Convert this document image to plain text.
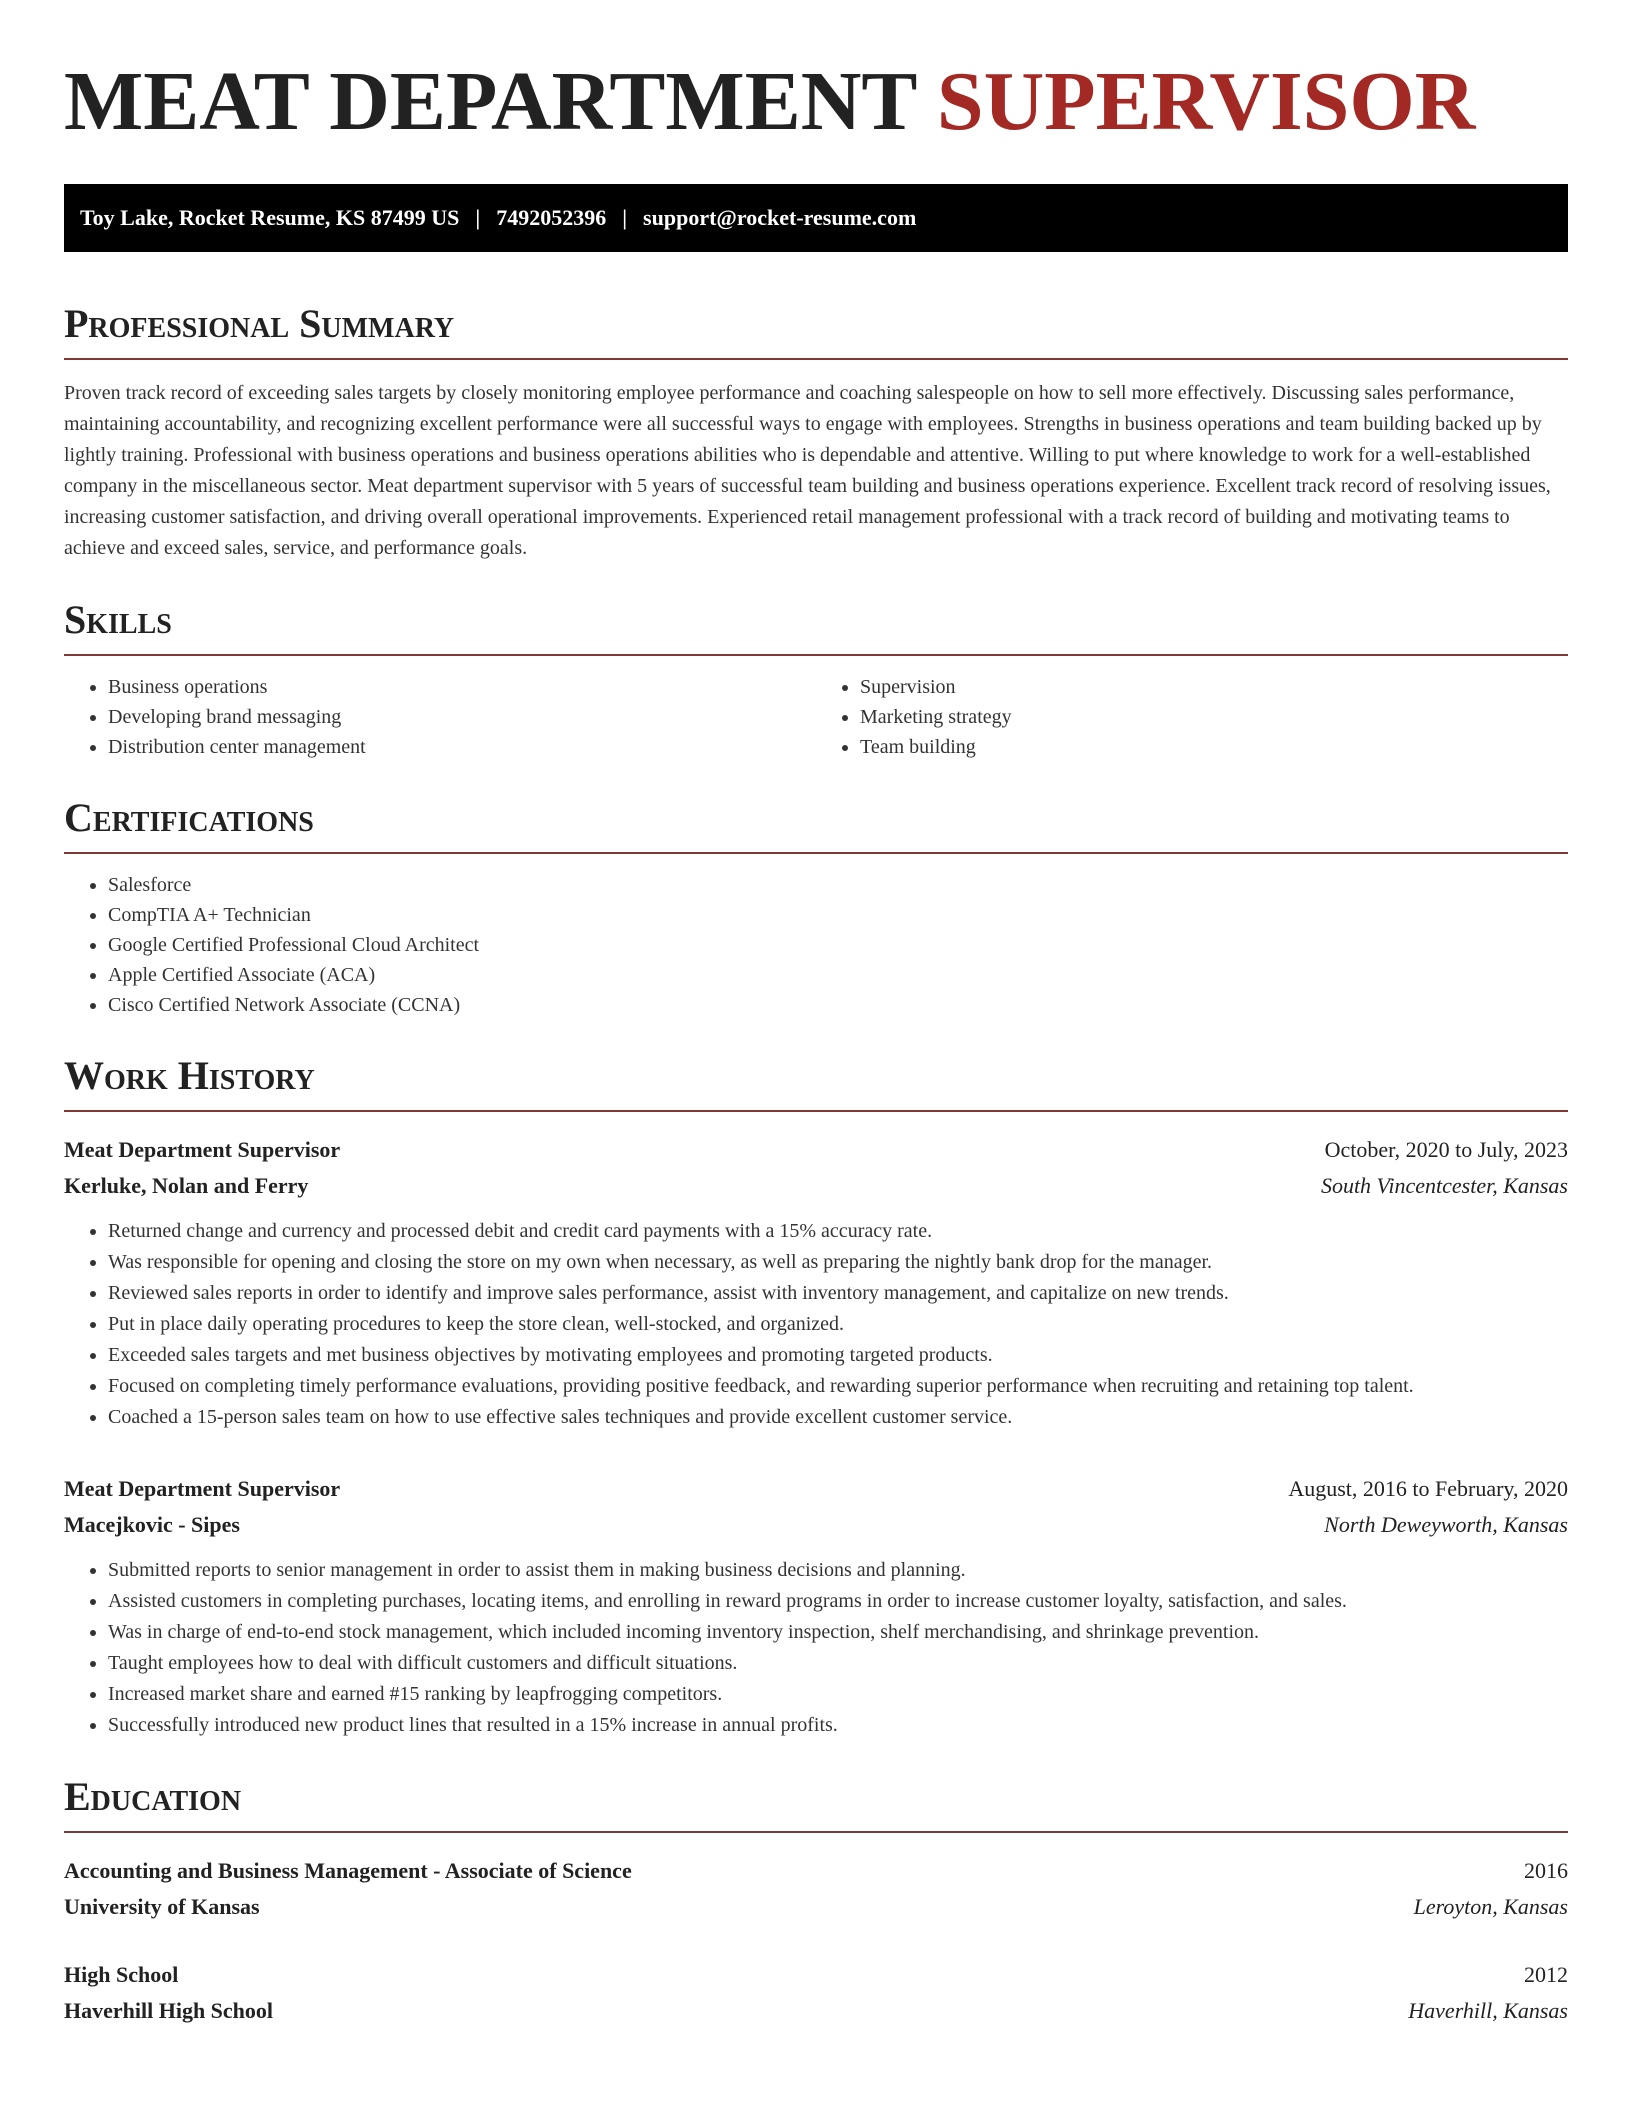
MEAT DEPARTMENT SUPERVISOR
Toy Lake, Rocket Resume, KS 87499 US | 7492052396 | support@rocket-resume.com
Professional Summary

Proven track record of exceeding sales targets by closely monitoring employee performance and coaching salespeople on how to sell more effectively. Discussing sales performance, maintaining accountability, and recognizing excellent performance were all successful ways to engage with employees. Strengths in business operations and team building backed up by lightly training. Professional with business operations and business operations abilities who is dependable and attentive. Willing to put where knowledge to work for a well-established company in the miscellaneous sector. Meat department supervisor with 5 years of successful team building and business operations experience. Excellent track record of resolving issues, increasing customer satisfaction, and driving overall operational improvements. Experienced retail management professional with a track record of building and motivating teams to achieve and exceed sales, service, and performance goals.

Skills
• Business operations
• Developing brand messaging
• Distribution center management
• Supervision
• Marketing strategy
• Team building
Certifications
• Salesforce
• CompTIA A+ Technician
• Google Certified Professional Cloud Architect
• Apple Certified Associate (ACA)
• Cisco Certified Network Associate (CCNA)
Work History
Meat Department Supervisor	October, 2020 to July, 2023
Kerluke, Nolan and Ferry	South Vincentcester, Kansas
• Returned change and currency and processed debit and credit card payments with a 15% accuracy rate.
• Was responsible for opening and closing the store on my own when necessary, as well as preparing the nightly bank drop for the manager.
• Reviewed sales reports in order to identify and improve sales performance, assist with inventory management, and capitalize on new trends.
• Put in place daily operating procedures to keep the store clean, well-stocked, and organized.
• Exceeded sales targets and met business objectives by motivating employees and promoting targeted products.
• Focused on completing timely performance evaluations, providing positive feedback, and rewarding superior performance when recruiting and retaining top talent.
• Coached a 15-person sales team on how to use effective sales techniques and provide excellent customer service.
Meat Department Supervisor	August, 2016 to February, 2020
Macejkovic - Sipes	North Deweyworth, Kansas
• Submitted reports to senior management in order to assist them in making business decisions and planning.
• Assisted customers in completing purchases, locating items, and enrolling in reward programs in order to increase customer loyalty, satisfaction, and sales.
• Was in charge of end-to-end stock management, which included incoming inventory inspection, shelf merchandising, and shrinkage prevention.
• Taught employees how to deal with difficult customers and difficult situations.
• Increased market share and earned #15 ranking by leapfrogging competitors.
• Successfully introduced new product lines that resulted in a 15% increase in annual profits.
Education
Accounting and Business Management - Associate of Science	2016
University of Kansas	Leroyton, Kansas
High School	2012
Haverhill High School	Haverhill, Kansas
